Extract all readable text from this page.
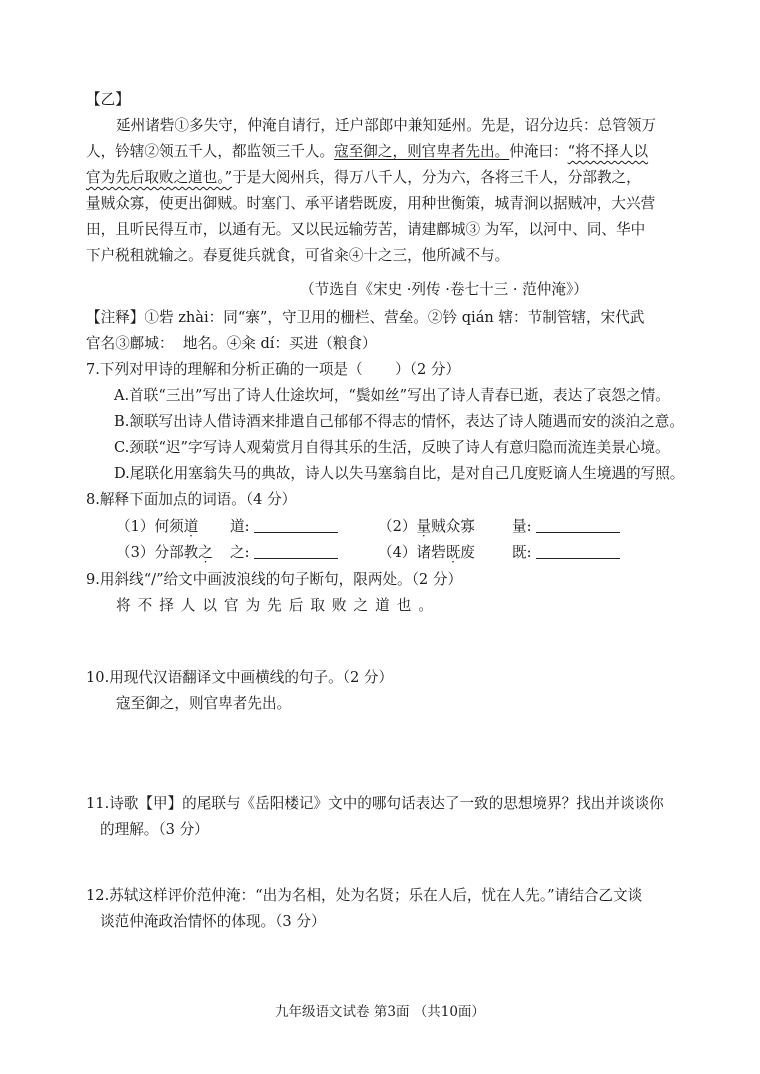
【乙】
延州诸砦①多失守，仲淹自请行，迁户部郎中兼知延州。先是，诏分边兵：总管领万
人，钤辖②领五千人，都监领三千人。寇至御之，则官卑者先出。仲淹曰：“将不择人以
官为先后取败之道也。”于是大阅州兵，得万八千人，分为六，各将三千人，分部教之，
量贼众寡，使更出御贼。时塞门、承平诸砦既废，用种世衡策，城青涧以据贼冲，大兴营
田，且听民得互市，以通有无。又以民远输劳苦，请建鄜城③ 为军，以河中、同、华中
下户税租就输之。春夏徙兵就食，可省籴④十之三，他所减不与。
（节选自《宋史 ·列传 ·卷七十三 · 范仲淹》）
【注释】①砦 zhài：同“寨”，守卫用的栅栏、营垒。②钤 qián 辖：节制管辖，宋代武
官名③鄜城：  地名。④籴 dí：买进（粮食）
7.下列对甲诗的理解和分析正确的一项是（       ）（2 分）
A.首联“三出”写出了诗人仕途坎坷，“鬓如丝”写出了诗人青春已逝，表达了哀怨之情。
B.颔联写出诗人借诗酒来排遣自己郁郁不得志的情怀，表达了诗人随遇而安的淡泊之意。
C.颈联“迟”字写诗人观菊赏月自得其乐的生活，反映了诗人有意归隐而流连美景心境。
D.尾联化用塞翁失马的典故，诗人以失马塞翁自比，是对自己几度贬谪人生境遇的写照。
8.解释下面加点的词语。（4 分）
（1）何须道 道:	（2）量贼众寡	量:
（3）分部教之 之:	（4）诸砦既废	既:
9.用斜线“/”给文中画波浪线的句子断句，限两处。（2 分）
将不择人以官为先后取败之道也。
10.用现代汉语翻译文中画横线的句子。（2 分）
寇至御之，则官卑者先出。
11.诗歌【甲】的尾联与《岳阳楼记》文中的哪句话表达了一致的思想境界？找出并谈谈你
的理解。（3 分）
12.苏轼这样评价范仲淹：“出为名相，处为名贤；乐在人后，忧在人先。”请结合乙文谈
谈范仲淹政治情怀的体现。（3 分）
九年级语文试卷 第3面 （共10面）
